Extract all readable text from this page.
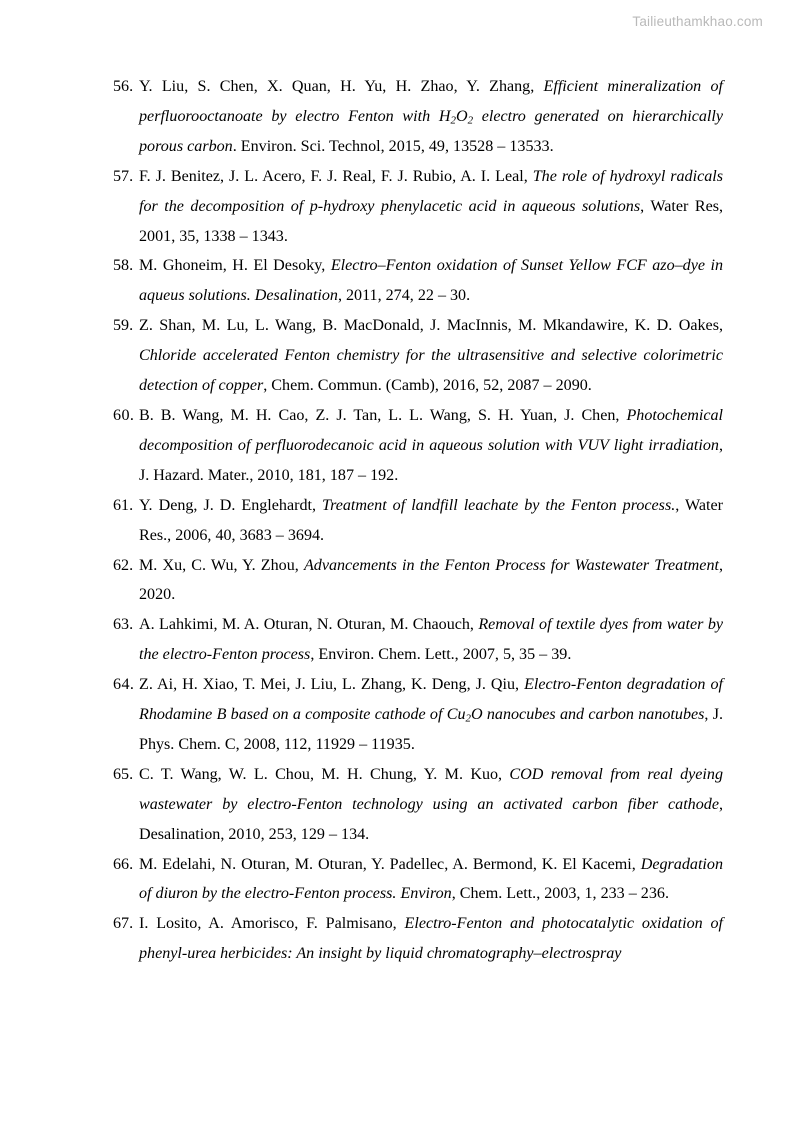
Tailieuthamkhao.com
56. Y. Liu, S. Chen, X. Quan, H. Yu, H. Zhao, Y. Zhang, Efficient mineralization of perfluorooctanoate by electro Fenton with $H_2O_2$ electro generated on hierarchically porous carbon. Environ. Sci. Technol, 2015, 49, 13528 – 13533.
57. F. J. Benitez, J. L. Acero, F. J. Real, F. J. Rubio, A. I. Leal, The role of hydroxyl radicals for the decomposition of p-hydroxy phenylacetic acid in aqueous solutions, Water Res, 2001, 35, 1338 – 1343.
58. M. Ghoneim, H. El Desoky, Electro–Fenton oxidation of Sunset Yellow FCF azo–dye in aqueus solutions. Desalination, 2011, 274, 22 – 30.
59. Z. Shan, M. Lu, L. Wang, B. MacDonald, J. MacInnis, M. Mkandawire, K. D. Oakes, Chloride accelerated Fenton chemistry for the ultrasensitive and selective colorimetric detection of copper, Chem. Commun. (Camb), 2016, 52, 2087 – 2090.
60. B. B. Wang, M. H. Cao, Z. J. Tan, L. L. Wang, S. H. Yuan, J. Chen, Photochemical decomposition of perfluorodecanoic acid in aqueous solution with VUV light irradiation, J. Hazard. Mater., 2010, 181, 187 – 192.
61. Y. Deng, J. D. Englehardt, Treatment of landfill leachate by the Fenton process., Water Res., 2006, 40, 3683 – 3694.
62. M. Xu, C. Wu, Y. Zhou, Advancements in the Fenton Process for Wastewater Treatment, 2020.
63. A. Lahkimi, M. A. Oturan, N. Oturan, M. Chaouch, Removal of textile dyes from water by the electro-Fenton process, Environ. Chem. Lett., 2007, 5, 35 – 39.
64. Z. Ai, H. Xiao, T. Mei, J. Liu, L. Zhang, K. Deng, J. Qiu, Electro-Fenton degradation of Rhodamine B based on a composite cathode of $Cu_2O$ nanocubes and carbon nanotubes, J. Phys. Chem. C, 2008, 112, 11929 – 11935.
65. C. T. Wang, W. L. Chou, M. H. Chung, Y. M. Kuo, COD removal from real dyeing wastewater by electro-Fenton technology using an activated carbon fiber cathode, Desalination, 2010, 253, 129 – 134.
66. M. Edelahi, N. Oturan, M. Oturan, Y. Padellec, A. Bermond, K. El Kacemi, Degradation of diuron by the electro-Fenton process. Environ, Chem. Lett., 2003, 1, 233 – 236.
67. I. Losito, A. Amorisco, F. Palmisano, Electro-Fenton and photocatalytic oxidation of phenyl-urea herbicides: An insight by liquid chromatography–electrospray
